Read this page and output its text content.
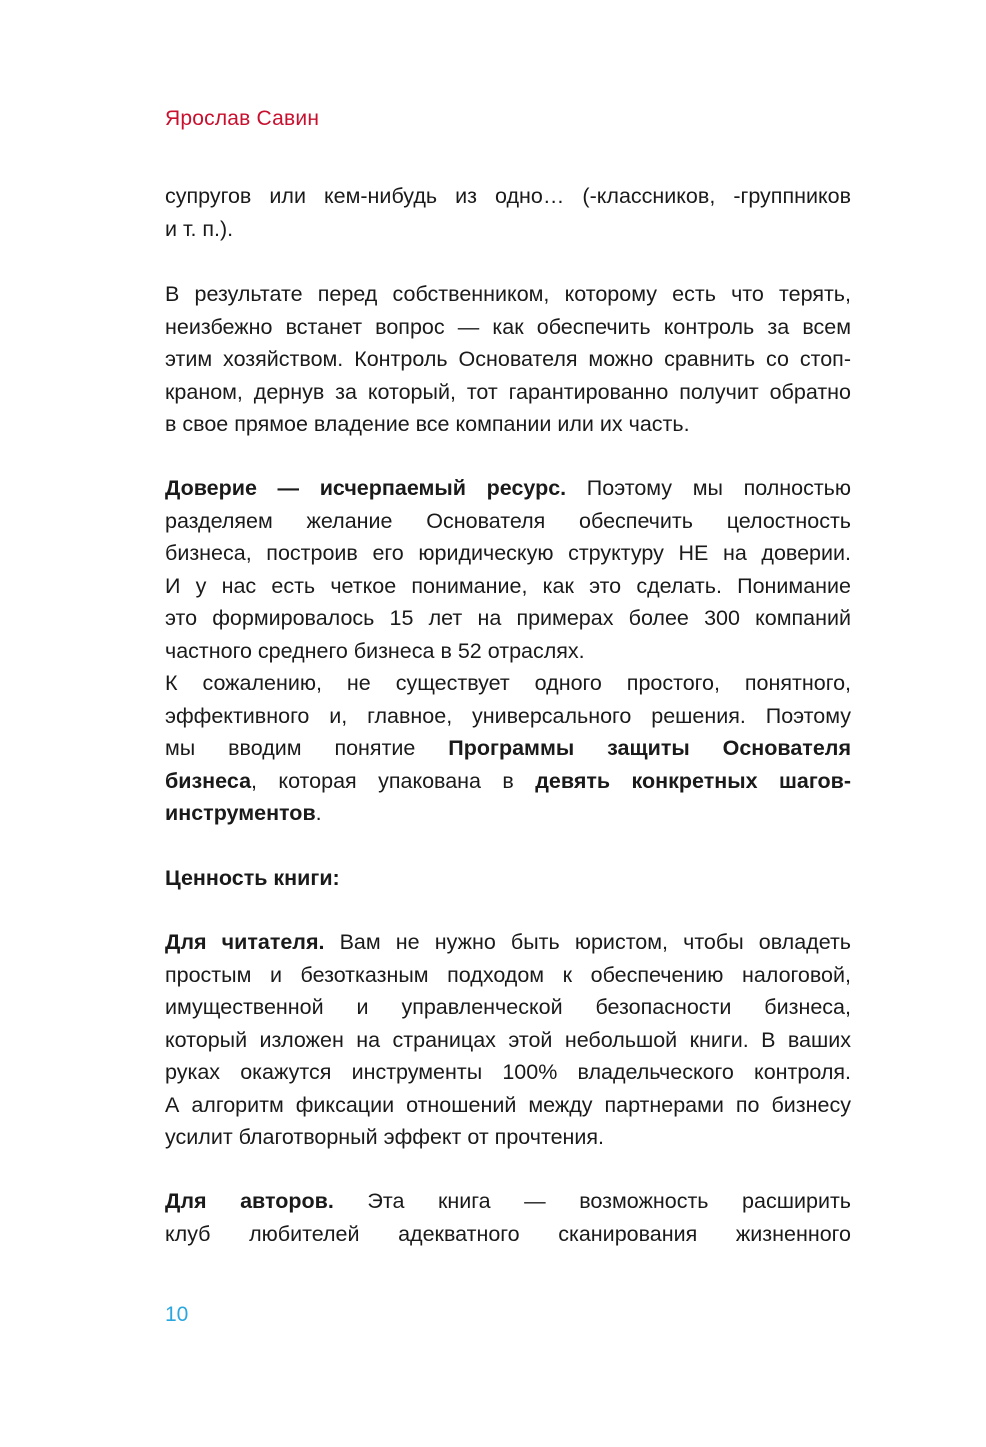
Ярослав Савин
супругов или кем-нибудь из одно… (-классников, -группников
и т. п.).
В результате перед собственником, которому есть что терять,
неизбежно встанет вопрос — как обеспечить контроль за всем
этим хозяйством. Контроль Основателя можно сравнить со стоп-
краном, дернув за который, тот гарантированно получит обратно
в свое прямое владение все компании или их часть.
Доверие — исчерпаемый ресурс. Поэтому мы полностью
разделяем желание Основателя обеспечить целостность
бизнеса, построив его юридическую структуру НЕ на доверии.
И у нас есть четкое понимание, как это сделать. Понимание
это формировалось 15 лет на примерах более 300 компаний
частного среднего бизнеса в 52 отраслях.
К сожалению, не существует одного простого, понятного,
эффективного и, главное, универсального решения. Поэтому
мы вводим понятие Программы защиты Основателя
бизнеса, которая упакована в девять конкретных шагов-
инструментов.
Ценность книги:
Для читателя. Вам не нужно быть юристом, чтобы овладеть
простым и безотказным подходом к обеспечению налоговой,
имущественной и управленческой безопасности бизнеса,
который изложен на страницах этой небольшой книги. В ваших
руках окажутся инструменты 100% владельческого контроля.
А алгоритм фиксации отношений между партнерами по бизнесу
усилит благотворный эффект от прочтения.
Для авторов. Эта книга — возможность расширить
клуб любителей адекватного сканирования жизненного
10
